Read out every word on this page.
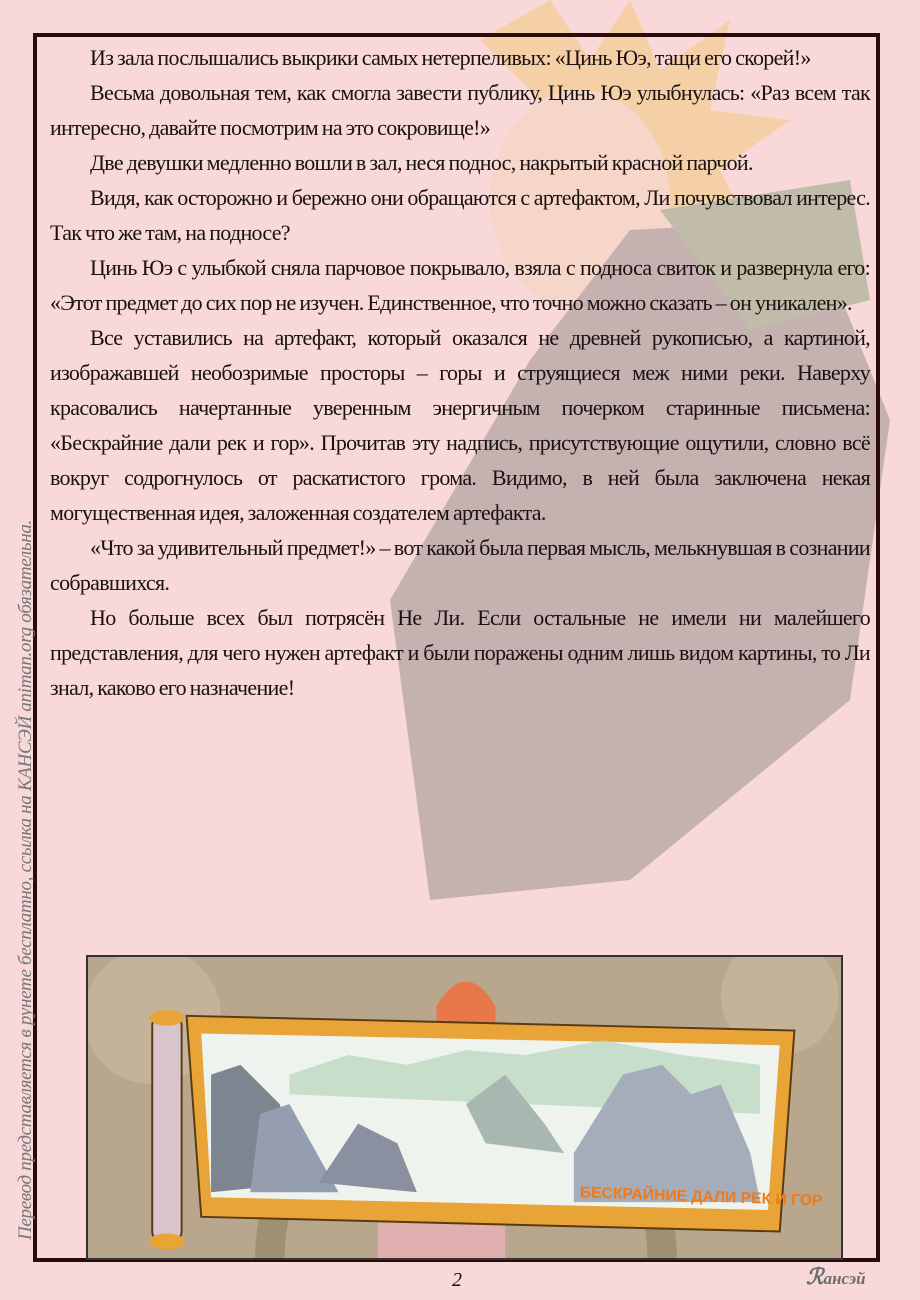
Из зала послышались выкрики самых нетерпеливых: «Цинь Юэ, тащи его скорей!»

Весьма довольная тем, как смогла завести публику, Цинь Юэ улыбнулась: «Раз всем так интересно, давайте посмотрим на это сокровище!»

Две девушки медленно вошли в зал, неся поднос, накрытый красной парчой.

Видя, как осторожно и бережно они обращаются с артефактом, Ли почувствовал интерес. Так что же там, на подносе?

Цинь Юэ с улыбкой сняла парчовое покрывало, взяла с подноса свиток и развернула его: «Этот предмет до сих пор не изучен. Единственное, что точно можно сказать – он уникален».

Все уставились на артефакт, который оказался не древней рукописью, а картиной, изображавшей необозримые просторы – горы и струящиеся меж ними реки. Наверху красовались начертанные уверенным энергичным почерком старинные письмена: «Бескрайние дали рек и гор». Прочитав эту надпись, присутствующие ощутили, словно всё вокруг содрогнулось от раскатистого грома. Видимо, в ней была заключена некая могущественная идея, заложенная создателем артефакта.

«Что за удивительный предмет!» – вот какой была первая мысль, мелькнувшая в сознании собравшихся.

Но больше всех был потрясён Не Ли. Если остальные не имели ни малейшего представления, для чего нужен артефакт и были поражены одним лишь видом картины, то Ли знал, каково его назначение!

БЕСКРАЙНИЕ ДАЛИ РЕК И ГОР
Перевод представляется в рунете бесплатно, ссылка на КАНСЭЙ animan.org обязательна.
2	ℛансэй
